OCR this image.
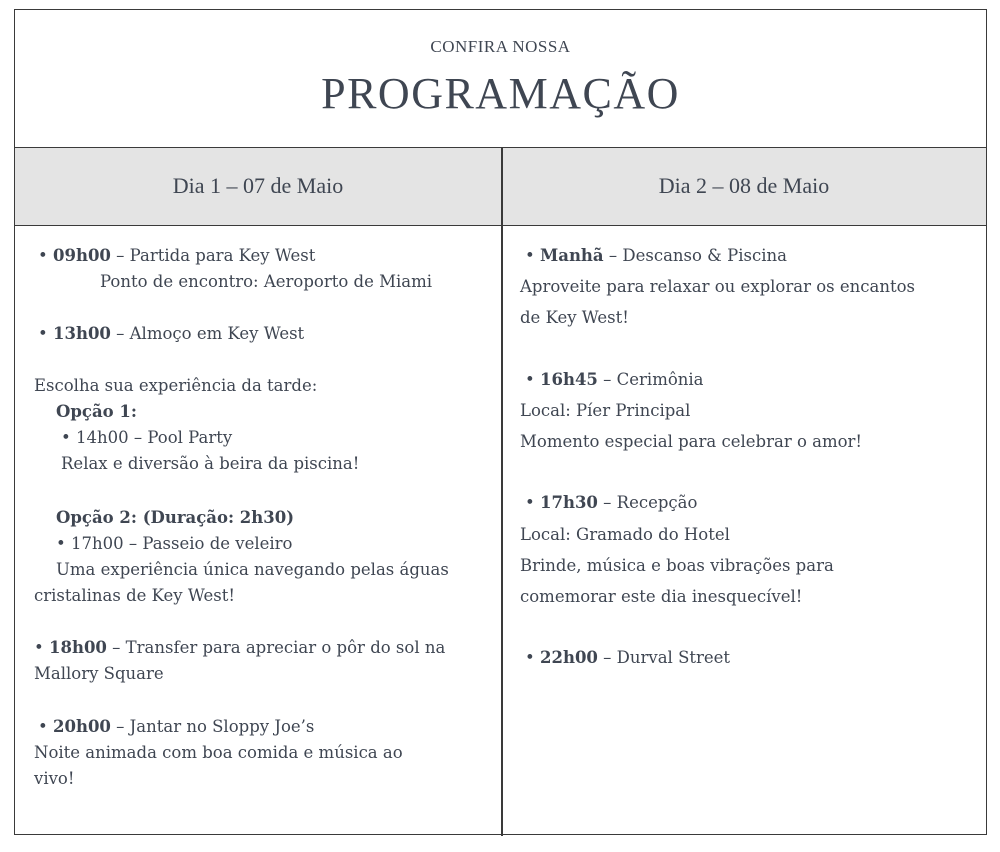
CONFIRA NOSSA
PROGRAMAÇÃO
Dia 1 – 07 de Maio	Dia 2 – 08 de Maio
• 09h00 – Partida para Key West
Ponto de encontro: Aeroporto de Miami
• 13h00 – Almoço em Key West
Escolha sua experiência da tarde:
Opção 1:
• 14h00 – Pool Party
Relax e diversão à beira da piscina!
Opção 2: (Duração: 2h30)
• 17h00 – Passeio de veleiro
Uma experiência única navegando pelas águas
cristalinas de Key West!
• 18h00 – Transfer para apreciar o pôr do sol na
Mallory Square
• 20h00 – Jantar no Sloppy Joe’s
Noite animada com boa comida e música ao
vivo!
• Manhã – Descanso & Piscina
Aproveite para relaxar ou explorar os encantos
de Key West!
• 16h45 – Cerimônia
Local: Píer Principal
Momento especial para celebrar o amor!
• 17h30 – Recepção
Local: Gramado do Hotel
Brinde, música e boas vibrações para
comemorar este dia inesquecível!
• 22h00 – Durval Street
